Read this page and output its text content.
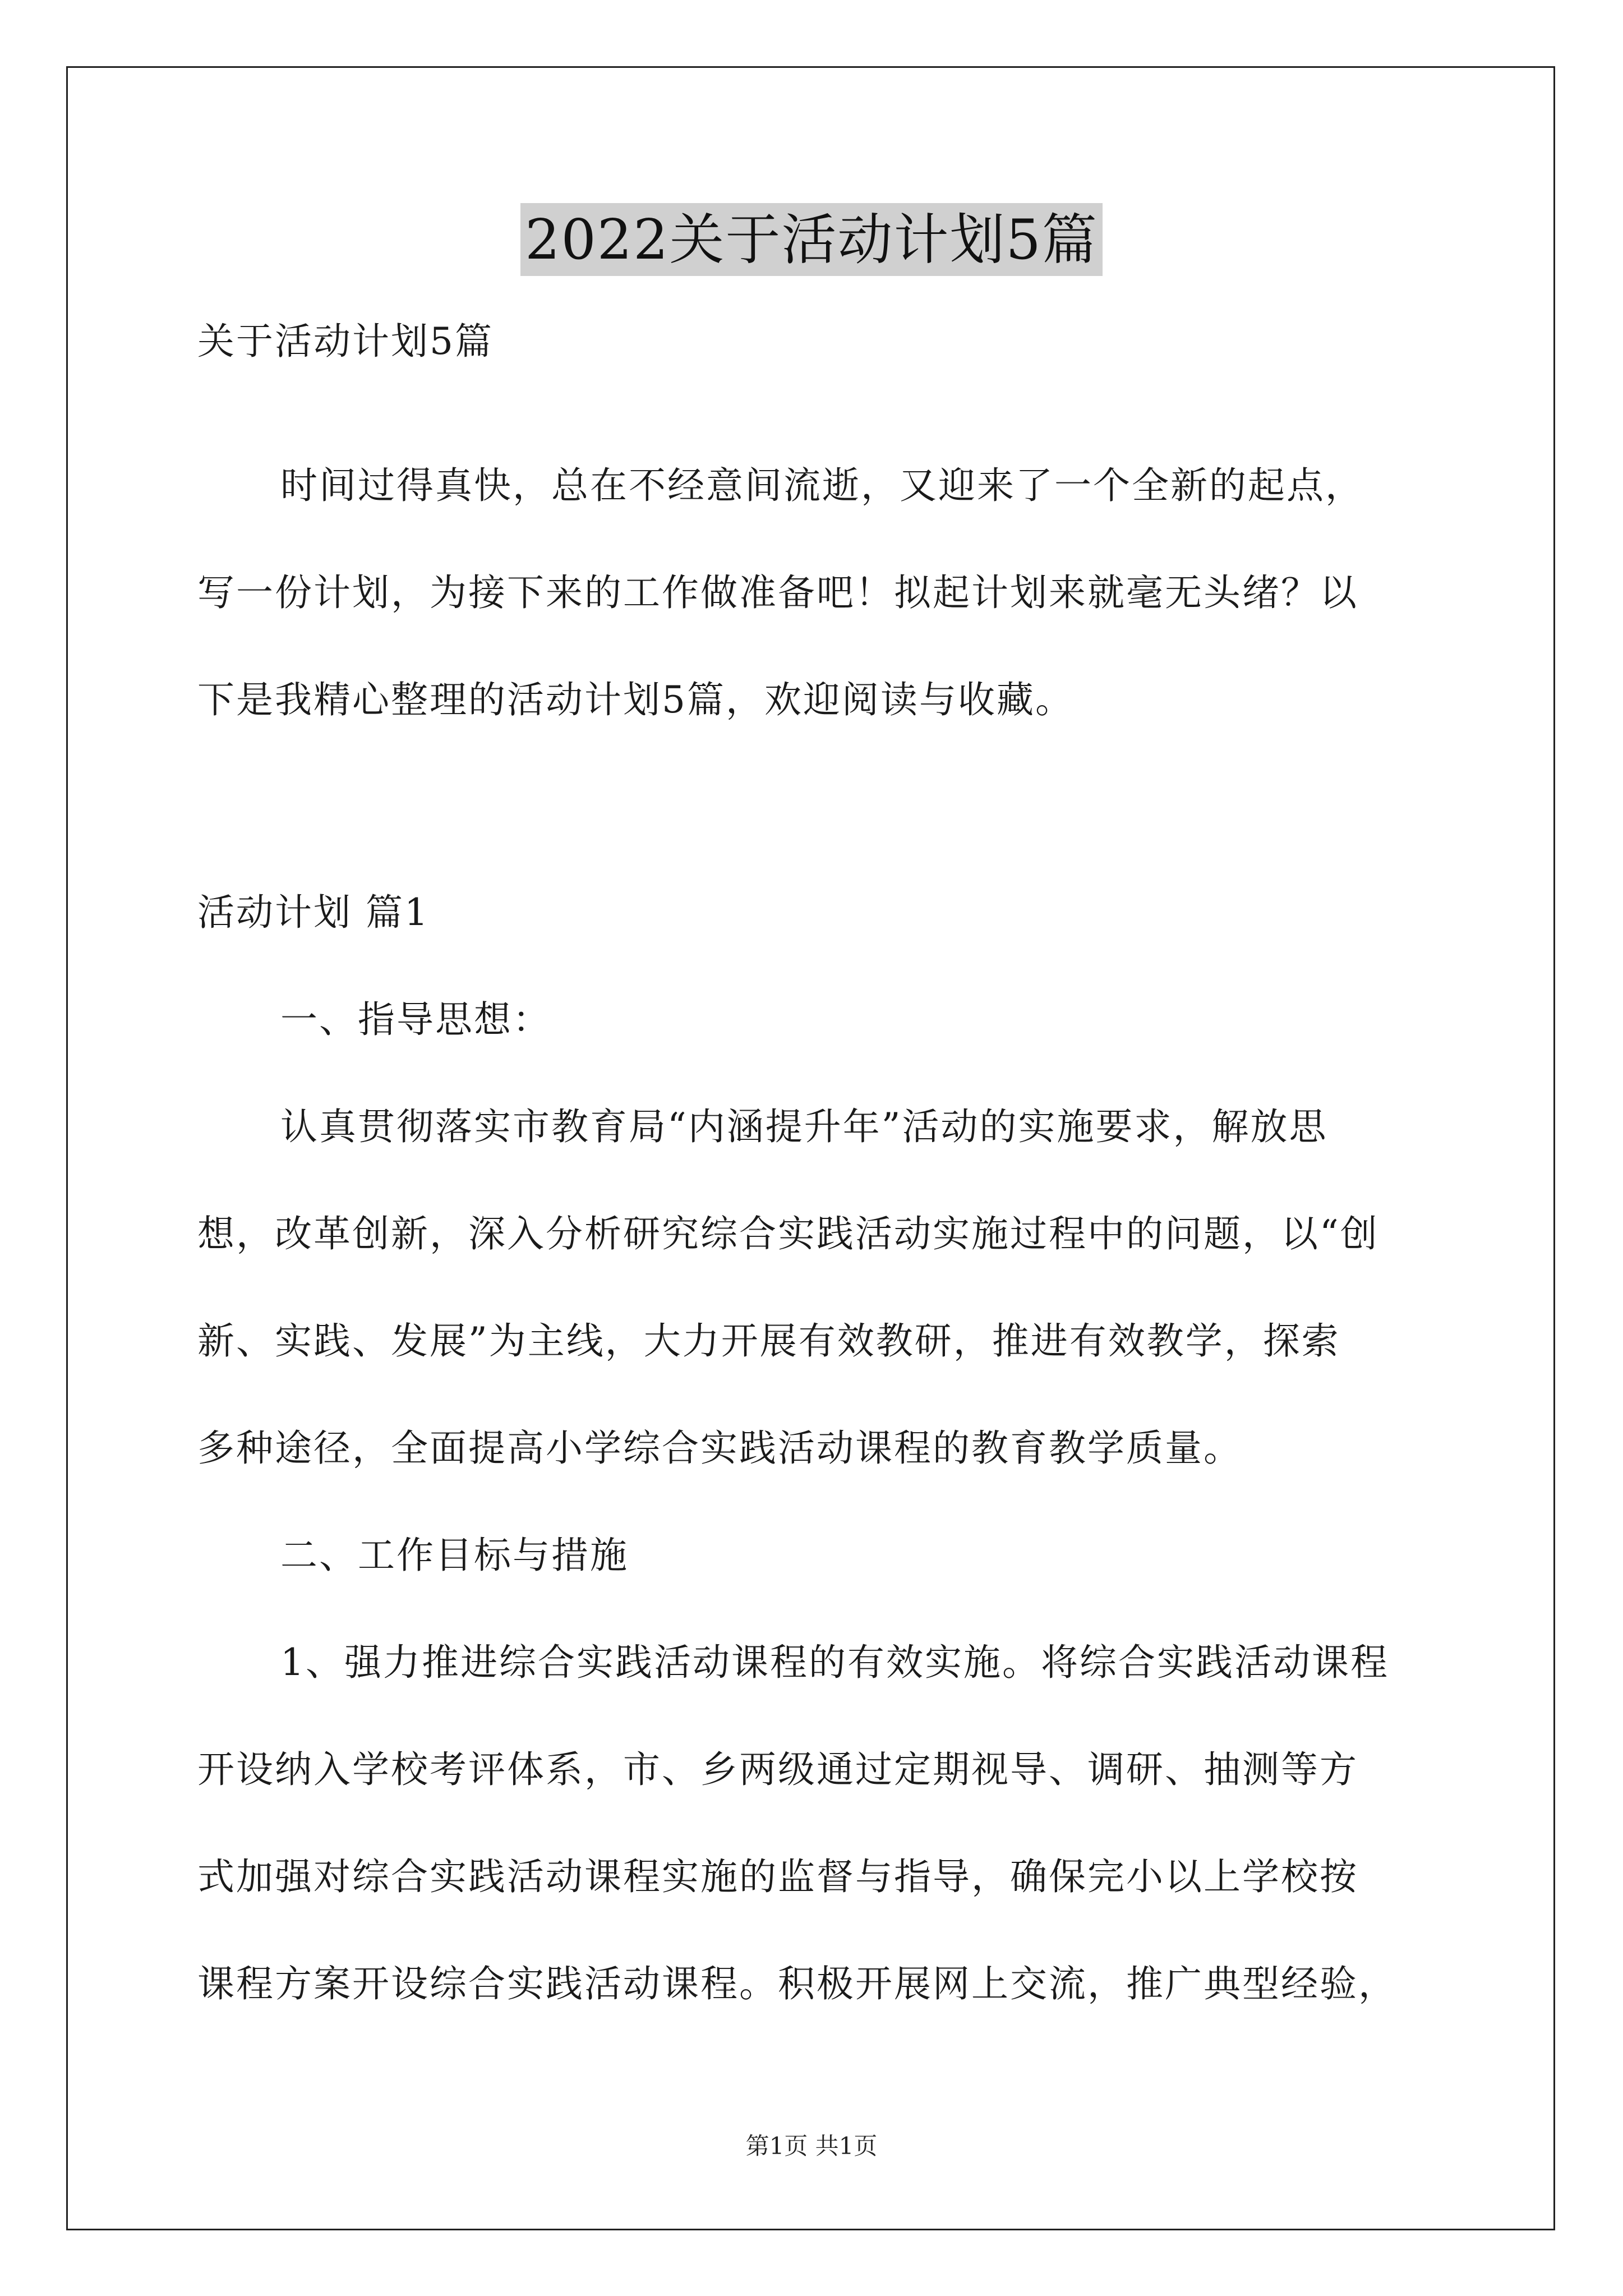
2022关于活动计划5篇
关于活动计划5篇
时间过得真快，总在不经意间流逝，又迎来了一个全新的起点，
写一份计划，为接下来的工作做准备吧！拟起计划来就毫无头绪？以
下是我精心整理的活动计划5篇，欢迎阅读与收藏。
活动计划 篇1
一、指导思想：
认真贯彻落实市教育局“内涵提升年”活动的实施要求，解放思
想，改革创新，深入分析研究综合实践活动实施过程中的问题，以“创
新、实践、发展”为主线，大力开展有效教研，推进有效教学，探索
多种途径，全面提高小学综合实践活动课程的教育教学质量。
二、工作目标与措施
1、强力推进综合实践活动课程的有效实施。将综合实践活动课程
开设纳入学校考评体系，市、乡两级通过定期视导、调研、抽测等方
式加强对综合实践活动课程实施的监督与指导，确保完小以上学校按
课程方案开设综合实践活动课程。积极开展网上交流，推广典型经验，
第1页 共1页
